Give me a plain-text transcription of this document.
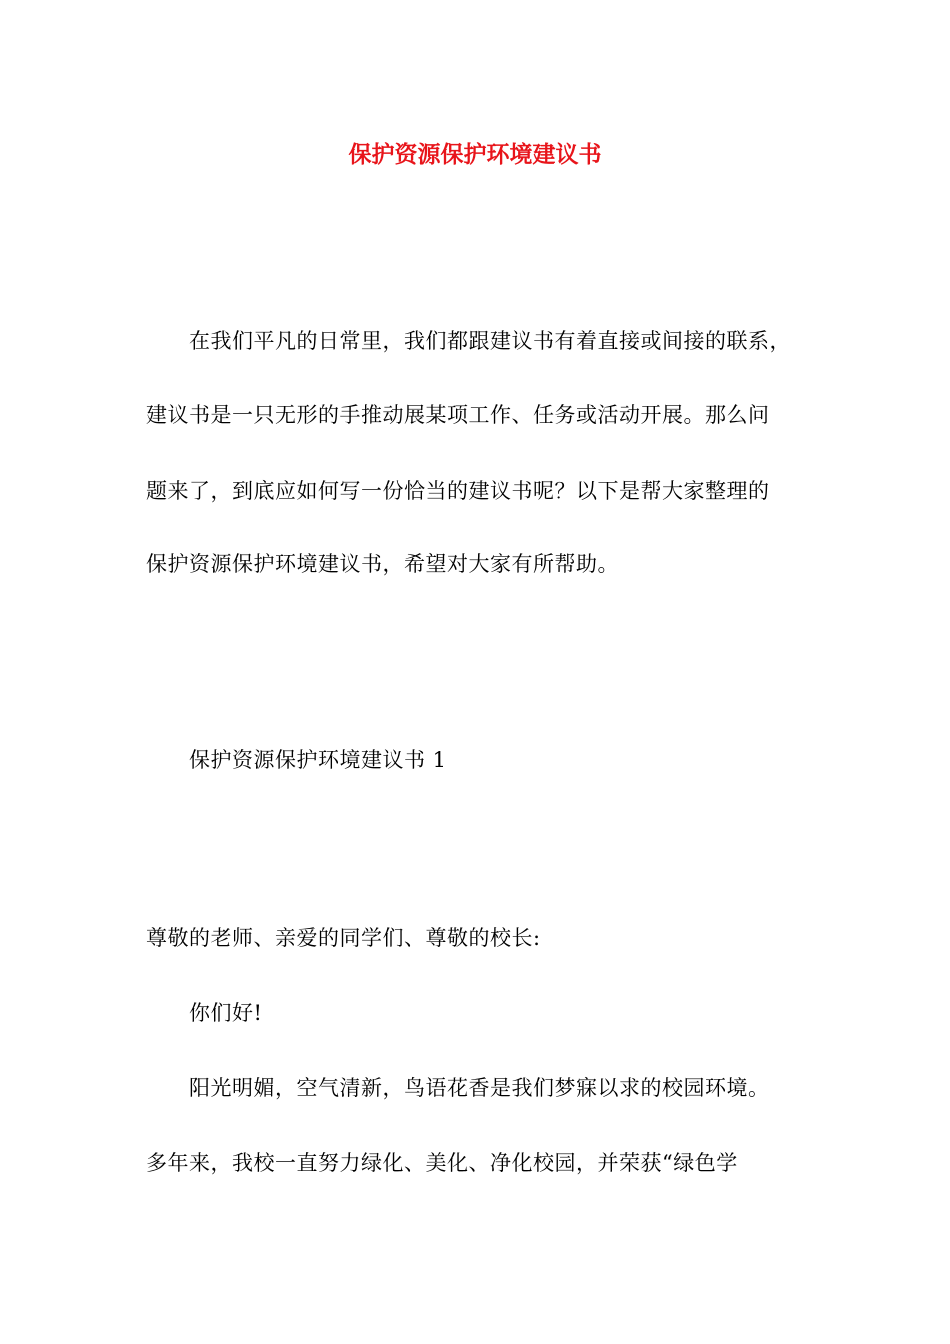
保护资源保护环境建议书
在我们平凡的日常里，我们都跟建议书有着直接或间接的联系，
建议书是一只无形的手推动展某项工作、任务或活动开展。那么问
题来了，到底应如何写一份恰当的建议书呢？以下是帮大家整理的
保护资源保护环境建议书，希望对大家有所帮助。
保护资源保护环境建议书 1
尊敬的老师、亲爱的同学们、尊敬的校长:
你们好!
阳光明媚，空气清新，鸟语花香是我们梦寐以求的校园环境。
多年来，我校一直努力绿化、美化、净化校园，并荣获“绿色学
